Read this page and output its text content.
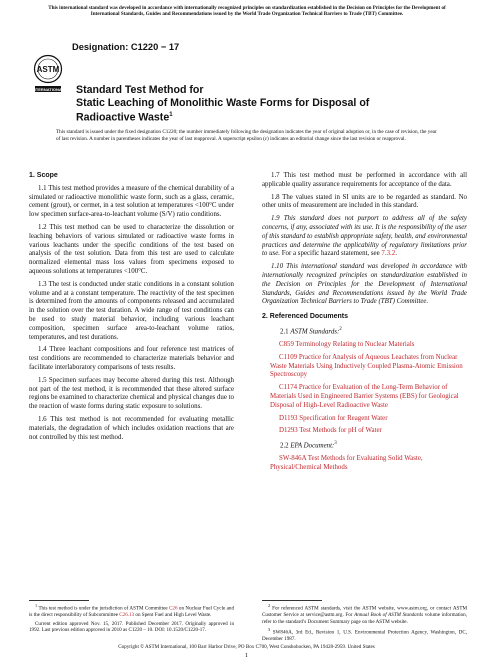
This international standard was developed in accordance with internationally recognized principles on standardization established in the Decision on Principles for the Development of International Standards, Guides and Recommendations issued by the World Trade Organization Technical Barriers to Trade (TBT) Committee.
ASTM
INTERNATIONAL
Designation: C1220 − 17

Standard Test Method for

Static Leaching of Monolithic Waste Forms for Disposal of

Radioactive Waste$^1$

This standard is issued under the fixed designation C1220; the number immediately following the designation indicates the year of original adoption or, in the case of revision, the year of last revision. A number in parentheses indicates the year of last reapproval. A superscript epsilon (ε) indicates an editorial change since the last revision or reapproval.

1. Scope

1.1 This test method provides a measure of the chemical durability of a simulated or radioactive monolithic waste form, such as a glass, ceramic, cement (grout), or cermet, in a test solution at temperatures <100°C under low specimen surface-area-to-leachant volume (S/V) ratio conditions.

1.2 This test method can be used to characterize the dissolution or leaching behaviors of various simulated or radioactive waste forms in various leachants under the specific conditions of the test based on analysis of the test solution. Data from this test are used to calculate normalized elemental mass loss values from specimens exposed to aqueous solutions at temperatures <100°C.

1.3 The test is conducted under static conditions in a constant solution volume and at a constant temperature. The reactivity of the test specimen is determined from the amounts of components released and accumulated in the solution over the test duration. A wide range of test conditions can be used to study material behavior, including various leachant composition, specimen surface area-to-leachant volume ratios, temperatures, and test durations.

1.4 Three leachant compositions and four reference test matrices of test conditions are recommended to characterize materials behavior and facilitate interlaboratory comparisons of tests results.

1.5 Specimen surfaces may become altered during this test. Although not part of the test method, it is recommended that these altered surface regions be examined to characterize chemical and physical changes due to the reaction of waste forms during static exposure to solutions.

1.6 This test method is not recommended for evaluating metallic materials, the degradation of which includes oxidation reactions that are not controlled by this test method.

1.7 This test method must be performed in accordance with all applicable quality assurance requirements for acceptance of the data.

1.8 The values stated in SI units are to be regarded as standard. No other units of measurement are included in this standard.

1.9 This standard does not purport to address all of the safety concerns, if any, associated with its use. It is the responsibility of the user of this standard to establish appropriate safety, health, and environmental practices and determine the applicability of regulatory limitations prior to use. For a specific hazard statement, see 7.3.2.

1.10 This international standard was developed in accordance with internationally recognized principles on standardization established in the Decision on Principles for the Development of International Standards, Guides and Recommendations issued by the World Trade Organization Technical Barriers to Trade (TBT) Committee.

2. Referenced Documents

2.1 ASTM Standards:$^2$

C859 Terminology Relating to Nuclear Materials

C1109 Practice for Analysis of Aqueous Leachates from Nuclear Waste Materials Using Inductively Coupled Plasma-Atomic Emission Spectroscopy

C1174 Practice for Evaluation of the Long-Term Behavior of Materials Used in Engineered Barrier Systems (EBS) for Geological Disposal of High-Level Radioactive Waste

D1193 Specification for Reagent Water

D1293 Test Methods for pH of Water

2.2 EPA Document:$^3$

SW-846A Test Methods for Evaluating Solid Waste, Physical/Chemical Methods

$^1$ This test method is under the jurisdiction of ASTM Committee C26 on Nuclear Fuel Cycle and is the direct responsibility of Subcommittee C26.13 on Spent Fuel and High Level Waste.

Current edition approved Nov. 15, 2017. Published December 2017. Originally approved in 1992. Last previous edition approved in 2010 as C1220 – 10. DOI: 10.1520/C1220-17.

$^2$ For referenced ASTM standards, visit the ASTM website, www.astm.org, or contact ASTM Customer Service at service@astm.org. For Annual Book of ASTM Standards volume information, refer to the standard’s Document Summary page on the ASTM website.

$^3$ SW846A, 3rd Ed., Revision 1, U.S. Environmental Protection Agency, Washington, DC, December 1987.

Copyright © ASTM International, 100 Barr Harbor Drive, PO Box C700, West Conshohocken, PA 19428-2959. United States
1
